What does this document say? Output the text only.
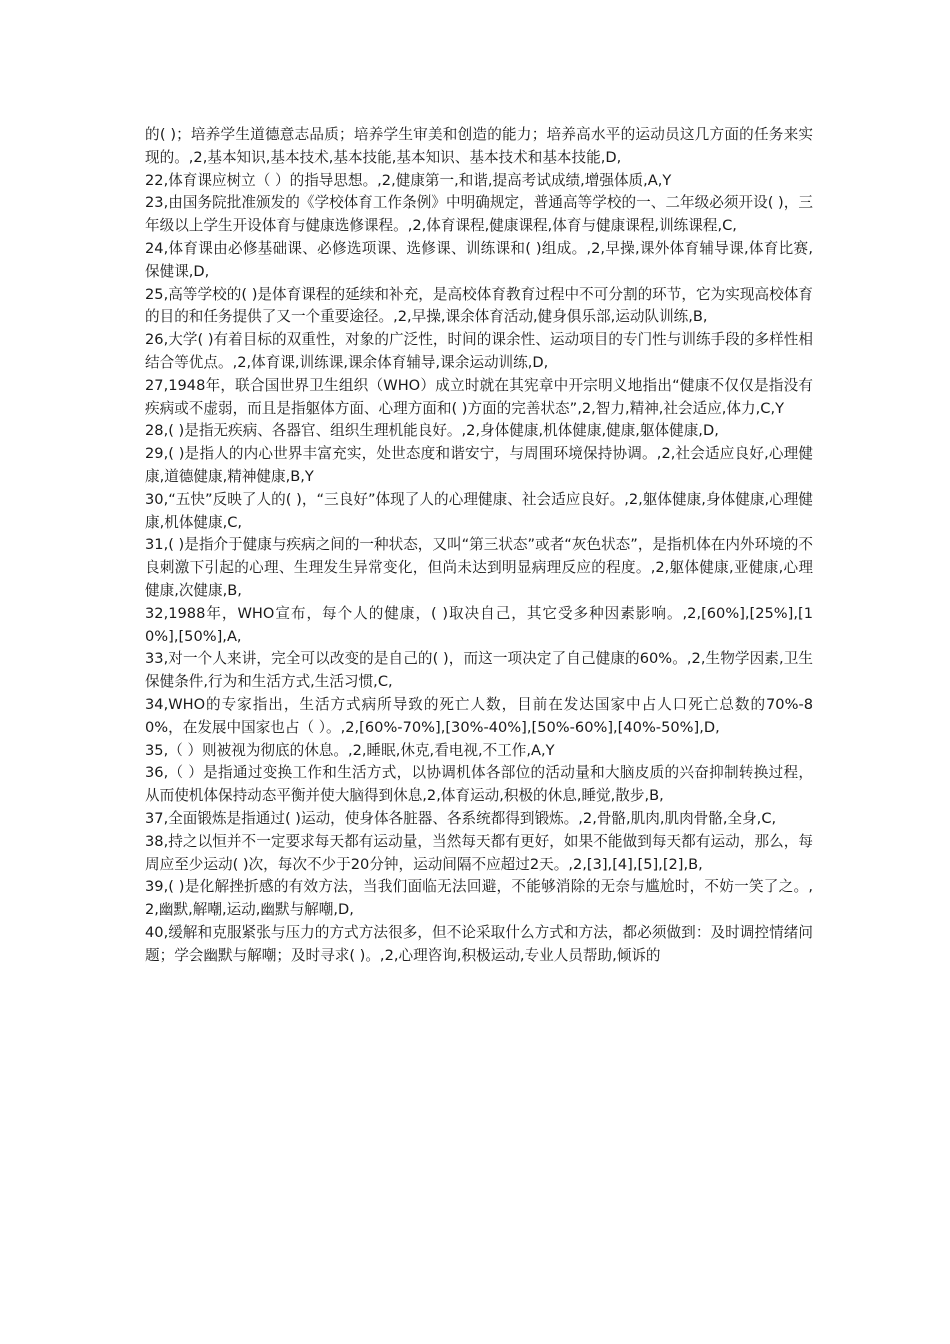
的( )；培养学生道德意志品质；培养学生审美和创造的能力；培养高水平的运动员这几方面的任务来实现的。,2,基本知识,基本技术,基本技能,基本知识、基本技术和基本技能,D,

22,体育课应树立（ ）的指导思想。,2,健康第一,和谐,提高考试成绩,增强体质,A,Y

23,由国务院批准颁发的《学校体育工作条例》中明确规定，普通高等学校的一、二年级必须开设( )，三年级以上学生开设体育与健康选修课程。,2,体育课程,健康课程,体育与健康课程,训练课程,C,

24,体育课由必修基础课、必修选项课、选修课、训练课和( )组成。,2,早操,课外体育辅导课,体育比赛,保健课,D,

25,高等学校的( )是体育课程的延续和补充，是高校体育教育过程中不可分割的环节，它为实现高校体育的目的和任务提供了又一个重要途径。,2,早操,课余体育活动,健身俱乐部,运动队训练,B,

26,大学( )有着目标的双重性，对象的广泛性，时间的课余性、运动项目的专门性与训练手段的多样性相结合等优点。,2,体育课,训练课,课余体育辅导,课余运动训练,D,

27,1948年，联合国世界卫生组织（WHO）成立时就在其宪章中开宗明义地指出“健康不仅仅是指没有疾病或不虚弱，而且是指躯体方面、心理方面和( )方面的完善状态”,2,智力,精神,社会适应,体力,C,Y

28,( )是指无疾病、各器官、组织生理机能良好。,2,身体健康,机体健康,健康,躯体健康,D,

29,( )是指人的内心世界丰富充实，处世态度和谐安宁，与周围环境保持协调。,2,社会适应良好,心理健康,道德健康,精神健康,B,Y

30,“五快”反映了人的( )，“三良好”体现了人的心理健康、社会适应良好。,2,躯体健康,身体健康,心理健康,机体健康,C,

31,( )是指介于健康与疾病之间的一种状态，又叫“第三状态”或者“灰色状态”，是指机体在内外环境的不良刺激下引起的心理、生理发生异常变化，但尚未达到明显病理反应的程度。,2,躯体健康,亚健康,心理健康,次健康,B,

32,1988年，WHO宣布，每个人的健康，( )取决自己，其它受多种因素影响。,2,[60%],[25%],[10%],[50%],A,

33,对一个人来讲，完全可以改变的是自己的( )，而这一项决定了自己健康的60%。,2,生物学因素,卫生保健条件,行为和生活方式,生活习惯,C,

34,WHO的专家指出，生活方式病所导致的死亡人数，目前在发达国家中占人口死亡总数的70%-80%，在发展中国家也占（ ）。,2,[60%-70%],[30%-40%],[50%-60%],[40%-50%],D,

35,（ ）则被视为彻底的休息。,2,睡眠,休克,看电视,不工作,A,Y

36,（ ）是指通过变换工作和生活方式，以协调机体各部位的活动量和大脑皮质的兴奋抑制转换过程，从而使机体保持动态平衡并使大脑得到休息,2,体育运动,积极的休息,睡觉,散步,B,

37,全面锻炼是指通过( )运动，使身体各脏器、各系统都得到锻炼。,2,骨骼,肌肉,肌肉骨骼,全身,C,

38,持之以恒并不一定要求每天都有运动量，当然每天都有更好，如果不能做到每天都有运动，那么，每周应至少运动( )次，每次不少于20分钟，运动间隔不应超过2天。,2,[3],[4],[5],[2],B,

39,( )是化解挫折感的有效方法，当我们面临无法回避，不能够消除的无奈与尴尬时，不妨一笑了之。,2,幽默,解嘲,运动,幽默与解嘲,D,

40,缓解和克服紧张与压力的方式方法很多，但不论采取什么方式和方法，都必须做到：及时调控情绪问题；学会幽默与解嘲；及时寻求( )。,2,心理咨询,积极运动,专业人员帮助,倾诉的
